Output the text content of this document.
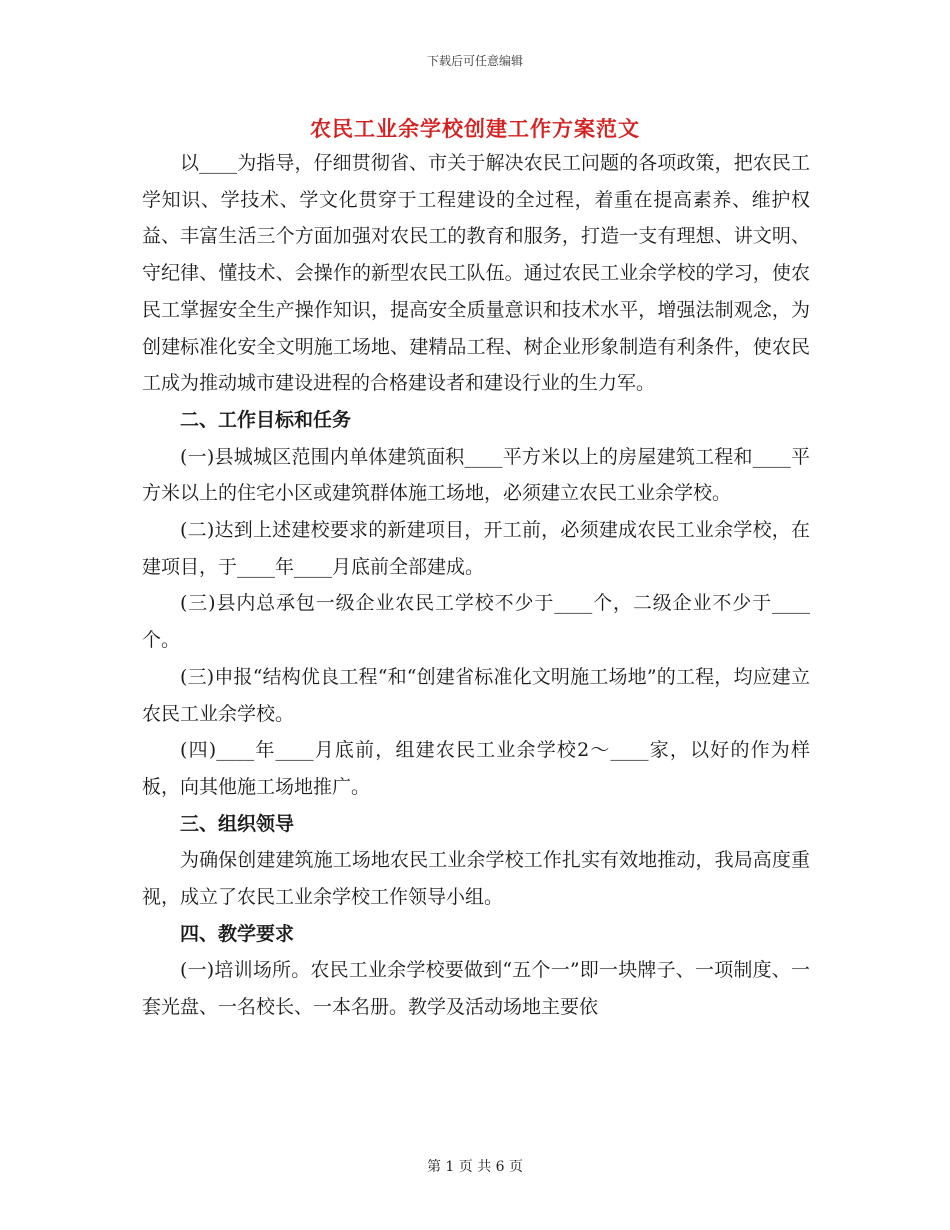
下载后可任意编辑
农民工业余学校创建工作方案范文

以____为指导，仔细贯彻省、市关于解决农民工问题的各项政策，把农民工学知识、学技术、学文化贯穿于工程建设的全过程，着重在提高素养、维护权益、丰富生活三个方面加强对农民工的教育和服务，打造一支有理想、讲文明、守纪律、懂技术、会操作的新型农民工队伍。通过农民工业余学校的学习，使农民工掌握安全生产操作知识，提高安全质量意识和技术水平，增强法制观念，为创建标准化安全文明施工场地、建精品工程、树企业形象制造有利条件，使农民工成为推动城市建设进程的合格建设者和建设行业的生力军。

二、工作目标和任务

(一)县城城区范围内单体建筑面积____平方米以上的房屋建筑工程和____平方米以上的住宅小区或建筑群体施工场地，必须建立农民工业余学校。

(二)达到上述建校要求的新建项目，开工前，必须建成农民工业余学校，在建项目，于____年____月底前全部建成。

(三)县内总承包一级企业农民工学校不少于____个，二级企业不少于____个。

(三)申报“结构优良工程“和“创建省标准化文明施工场地”的工程，均应建立农民工业余学校。

(四)____年____月底前，组建农民工业余学校2～____家，以好的作为样板，向其他施工场地推广。

三、组织领导

为确保创建建筑施工场地农民工业余学校工作扎实有效地推动，我局高度重视，成立了农民工业余学校工作领导小组。

四、教学要求

(一)培训场所。农民工业余学校要做到“五个一”即一块牌子、一项制度、一套光盘、一名校长、一本名册。教学及活动场地主要依

第 1 页 共 6 页
